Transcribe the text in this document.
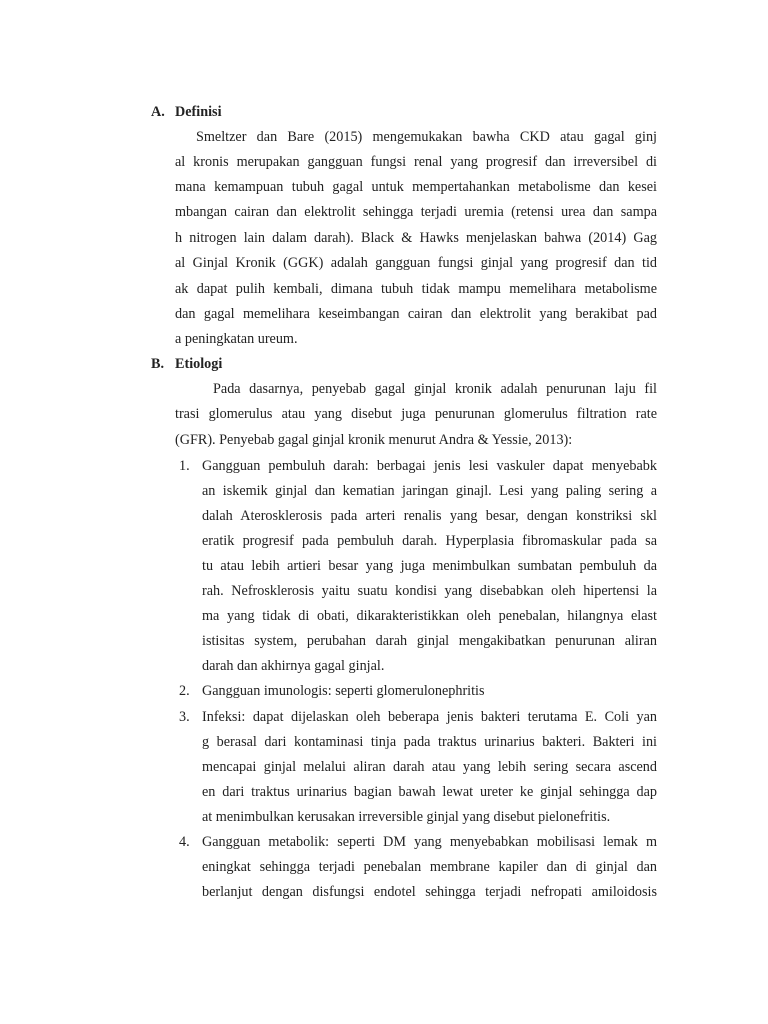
A. Definisi
Smeltzer dan Bare (2015) mengemukakan bawha CKD atau gagal ginj
al kronis merupakan gangguan fungsi renal yang progresif dan irreversibel di
mana kemampuan tubuh gagal untuk mempertahankan metabolisme dan kesei
mbangan cairan dan elektrolit sehingga terjadi uremia (retensi urea dan sampa
h nitrogen lain dalam darah). Black & Hawks menjelaskan bahwa (2014) Gag
al Ginjal Kronik (GGK) adalah gangguan fungsi ginjal yang progresif dan tid
ak dapat pulih kembali, dimana tubuh tidak mampu memelihara metabolisme
dan gagal memelihara keseimbangan cairan dan elektrolit yang berakibat pad
a peningkatan ureum.
B. Etiologi
Pada dasarnya, penyebab gagal ginjal kronik adalah penurunan laju fil
trasi glomerulus atau yang disebut juga penurunan glomerulus filtration rate
(GFR). Penyebab gagal ginjal kronik menurut Andra & Yessie, 2013):
1. Gangguan pembuluh darah: berbagai jenis lesi vaskuler dapat menyebabk
an iskemik ginjal dan kematian jaringan ginajl. Lesi yang paling sering a
dalah Aterosklerosis pada arteri renalis yang besar, dengan konstriksi skl
eratik progresif pada pembuluh darah. Hyperplasia fibromaskular pada sa
tu atau lebih artieri besar yang juga menimbulkan sumbatan pembuluh da
rah. Nefrosklerosis yaitu suatu kondisi yang disebabkan oleh hipertensi la
ma yang tidak di obati, dikarakteristikkan oleh penebalan, hilangnya elast
istisitas system, perubahan darah ginjal mengakibatkan penurunan aliran
darah dan akhirnya gagal ginjal.
2. Gangguan imunologis: seperti glomerulonephritis
3. Infeksi: dapat dijelaskan oleh beberapa jenis bakteri terutama E. Coli yan
g berasal dari kontaminasi tinja pada traktus urinarius bakteri. Bakteri ini
mencapai ginjal melalui aliran darah atau yang lebih sering secara ascend
en dari traktus urinarius bagian bawah lewat ureter ke ginjal sehingga dap
at menimbulkan kerusakan irreversible ginjal yang disebut pielonefritis.
4. Gangguan metabolik: seperti DM yang menyebabkan mobilisasi lemak m
eningkat sehingga terjadi penebalan membrane kapiler dan di ginjal dan
berlanjut dengan disfungsi endotel sehingga terjadi nefropati amiloidosis
